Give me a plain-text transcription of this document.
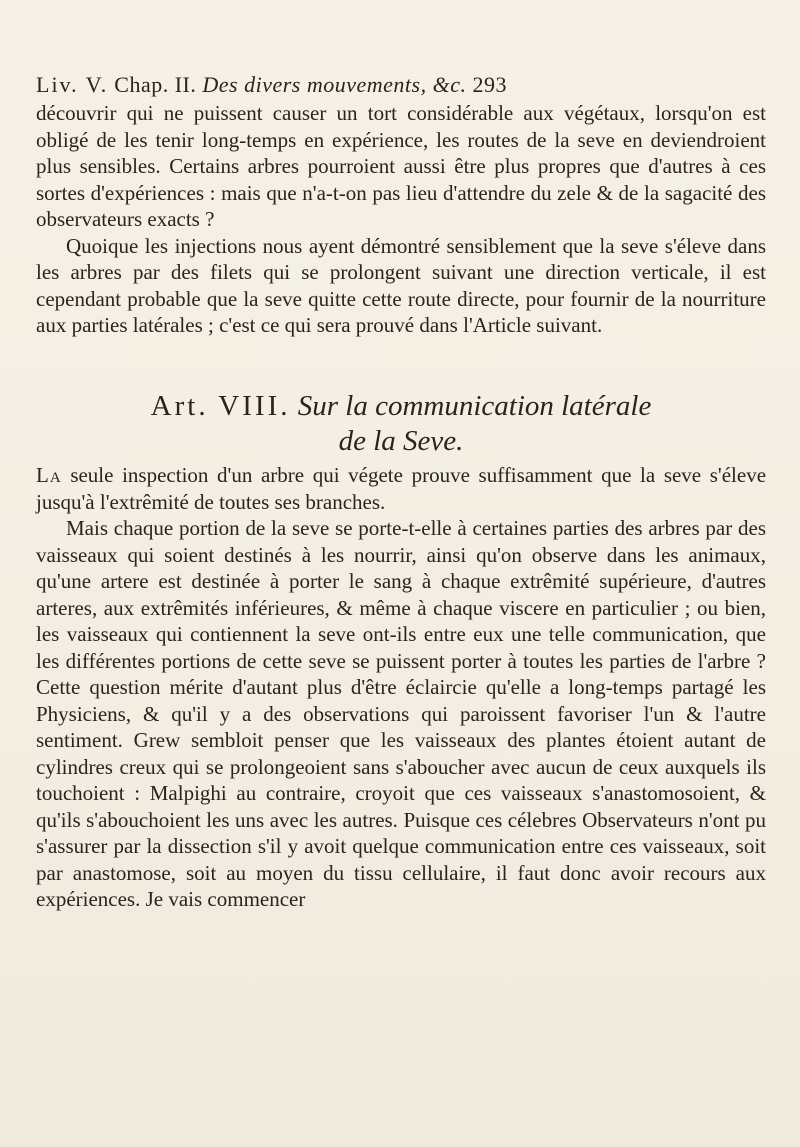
Liv. V. Chap. II. Des divers mouvements, &c. 293

découvrir qui ne puissent causer un tort considérable aux végétaux, lorsqu'on est obligé de les tenir long-temps en expérience, les routes de la seve en deviendroient plus sensibles. Certains arbres pourroient aussi être plus propres que d'autres à ces sortes d'expériences : mais que n'a-t-on pas lieu d'attendre du zele & de la sagacité des observateurs exacts ?

Quoique les injections nous ayent démontré sensiblement que la seve s'éleve dans les arbres par des filets qui se prolongent suivant une direction verticale, il est cependant probable que la seve quitte cette route directe, pour fournir de la nourriture aux parties latérales ; c'est ce qui sera prouvé dans l'Article suivant.

Art. VIII. Sur la communication latérale
de la Seve.

La seule inspection d'un arbre qui végete prouve suffisamment que la seve s'éleve jusqu'à l'extrêmité de toutes ses branches.

Mais chaque portion de la seve se porte-t-elle à certaines parties des arbres par des vaisseaux qui soient destinés à les nourrir, ainsi qu'on observe dans les animaux, qu'une artere est destinée à porter le sang à chaque extrêmité supérieure, d'autres arteres, aux extrêmités inférieures, & même à chaque viscere en particulier ; ou bien, les vaisseaux qui contiennent la seve ont-ils entre eux une telle communication, que les différentes portions de cette seve se puissent porter à toutes les parties de l'arbre ? Cette question mérite d'autant plus d'être éclaircie qu'elle a long-temps partagé les Physiciens, & qu'il y a des observations qui paroissent favoriser l'un & l'autre sentiment. Grew sembloit penser que les vaisseaux des plantes étoient autant de cylindres creux qui se prolongeoient sans s'aboucher avec aucun de ceux auxquels ils touchoient : Malpighi au contraire, croyoit que ces vaisseaux s'anastomosoient, & qu'ils s'abouchoient les uns avec les autres. Puisque ces célebres Observateurs n'ont pu s'assurer par la dissection s'il y avoit quelque communication entre ces vaisseaux, soit par anastomose, soit au moyen du tissu cellulaire, il faut donc avoir recours aux expériences. Je vais commencer
